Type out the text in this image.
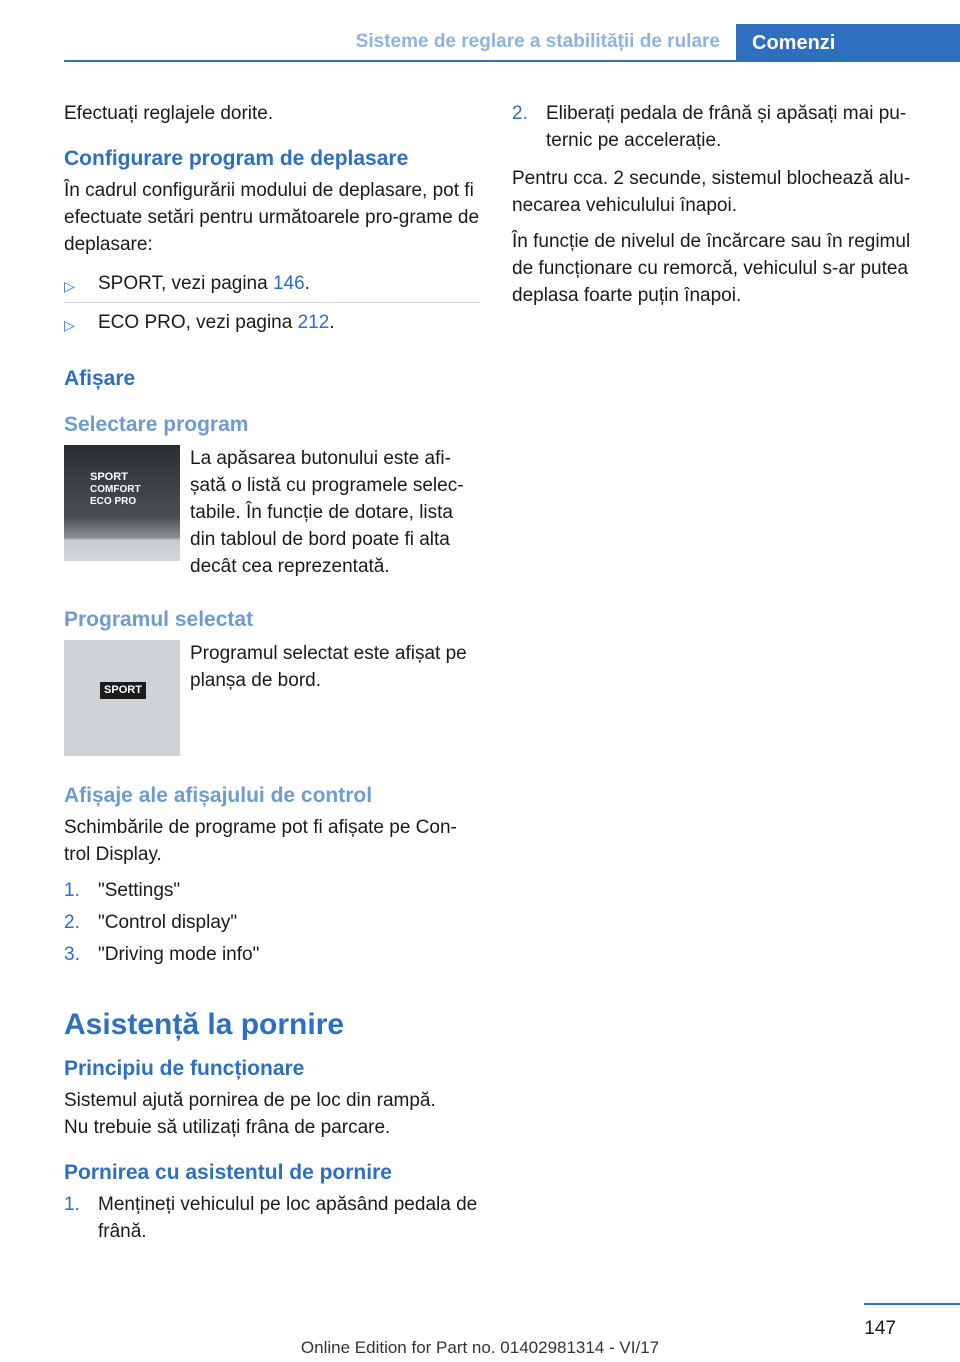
Sisteme de reglare a stabilității de rulare	Comenzi

Efectuați reglajele dorite.

Configurare program de deplasare

În cadrul configurării modului de deplasare, pot fi efectuate setări pentru următoarele pro-grame de deplasare:

▷ SPORT, vezi pagina 146.
▷ ECO PRO, vezi pagina 212.
Afișare
Selectare program
SPORT
COMFORT
ECO PRO
La apăsarea butonului este afi-șată o listă cu programele selec-tabile. În funcție de dotare, lista din tabloul de bord poate fi alta decât cea reprezentată.
Programul selectat
SPORT
Programul selectat este afișat pe planșa de bord.
Afișaje ale afișajului de control

Schimbările de programe pot fi afișate pe Con-trol Display.

1. "Settings"
2. "Control display"
3. "Driving mode info"
Asistență la pornire
Principiu de funcționare

Sistemul ajută pornirea de pe loc din rampă.

Nu trebuie să utilizați frâna de parcare.

Pornirea cu asistentul de pornire
1. Mențineți vehiculul pe loc apăsând pedala de frână.
2. Eliberați pedala de frână și apăsați mai pu-ternic pe accelerație.

Pentru cca. 2 secunde, sistemul blochează alu-necarea vehiculului înapoi.

În funcție de nivelul de încărcare sau în regimul de funcționare cu remorcă, vehiculul s-ar putea deplasa foarte puțin înapoi.

147
Online Edition for Part no. 01402981314 - VI/17
